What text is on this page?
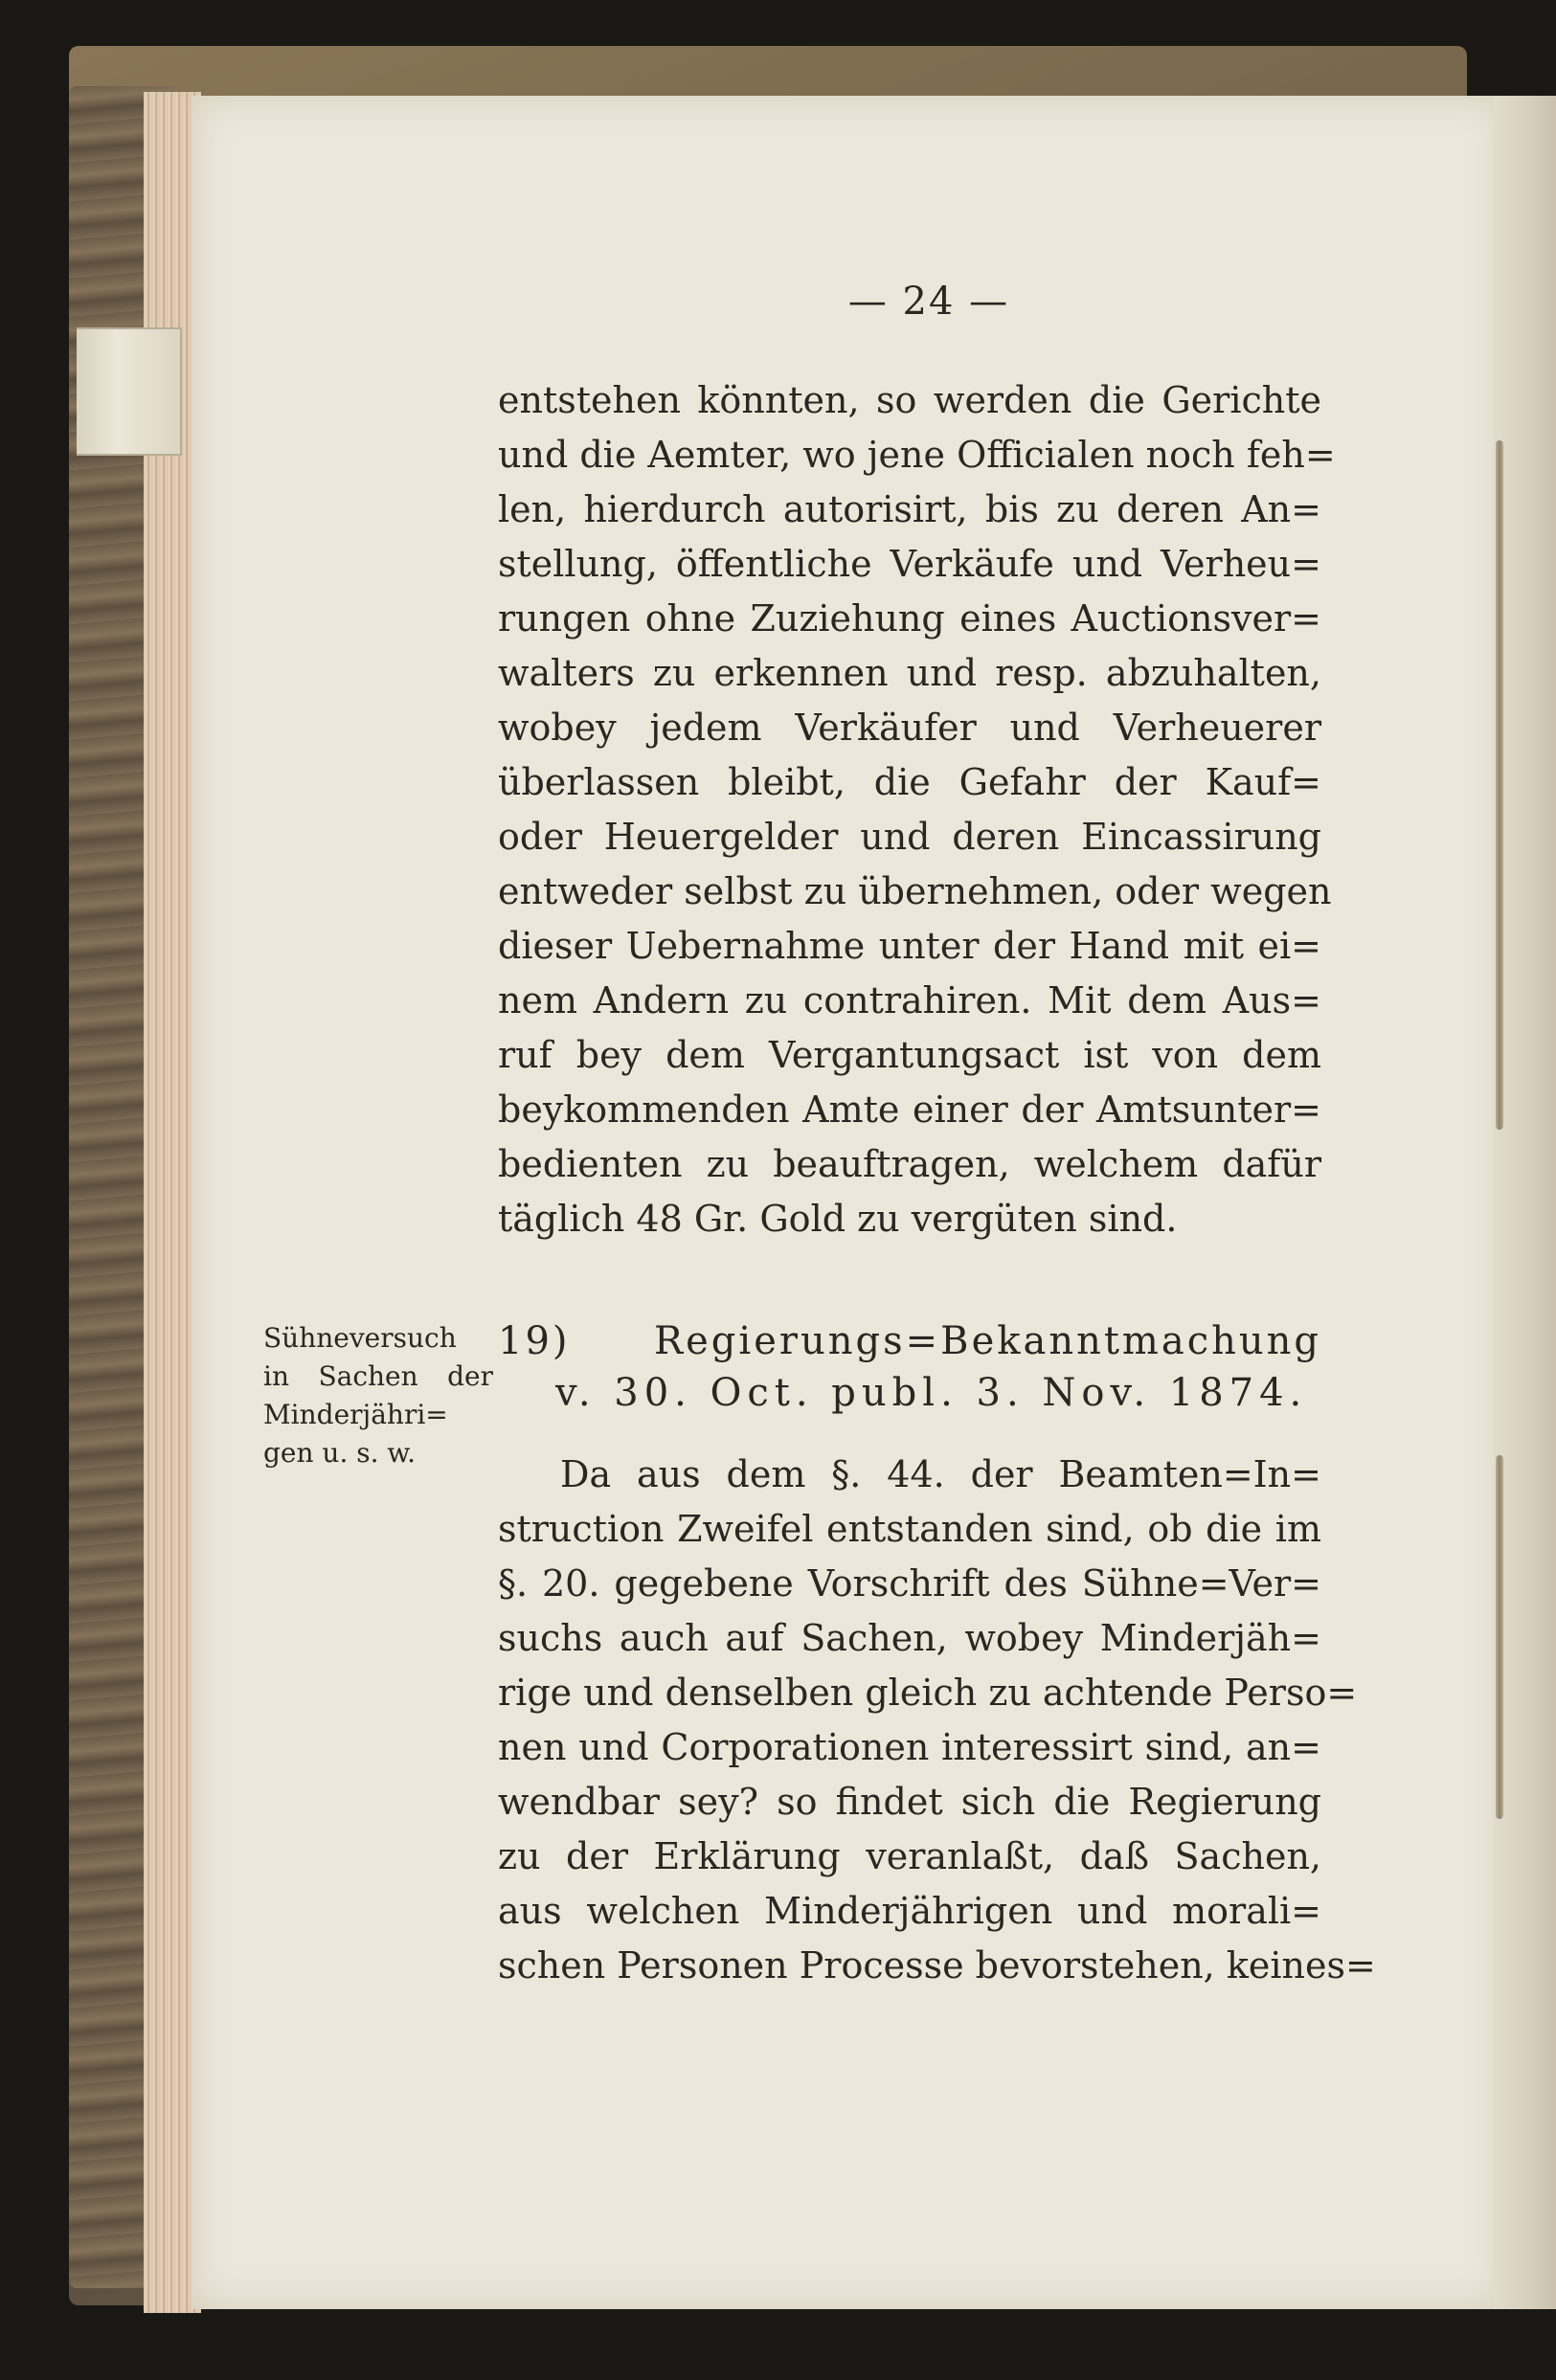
— 24 —
entstehen könnten, so werden die Gerichte
und die Aemter, wo jene Officialen noch feh=
len, hierdurch autorisirt, bis zu deren An=
stellung, öffentliche Verkäufe und Verheu=
rungen ohne Zuziehung eines Auctionsver=
walters zu erkennen und resp. abzuhalten,
wobey jedem Verkäufer und Verheuerer
überlassen bleibt, die Gefahr der Kauf=
oder Heuergelder und deren Eincassirung
entweder selbst zu übernehmen, oder wegen
dieser Uebernahme unter der Hand mit ei=
nem Andern zu contrahiren. Mit dem Aus=
ruf bey dem Vergantungsact ist von dem
beykommenden Amte einer der Amtsunter=
bedienten zu beauftragen, welchem dafür
täglich 48 Gr. Gold zu vergüten sind.
Sühneversuch
in Sachen der
Minderjähri=
gen u. s. w.
19) Regierungs=Bekanntmachung
v. 30. Oct. publ. 3. Nov. 1874.
Da aus dem §. 44. der Beamten=In=
struction Zweifel entstanden sind, ob die im
§. 20. gegebene Vorschrift des Sühne=Ver=
suchs auch auf Sachen, wobey Minderjäh=
rige und denselben gleich zu achtende Perso=
nen und Corporationen interessirt sind, an=
wendbar sey? so findet sich die Regierung
zu der Erklärung veranlaßt, daß Sachen,
aus welchen Minderjährigen und morali=
schen Personen Processe bevorstehen, keines=
